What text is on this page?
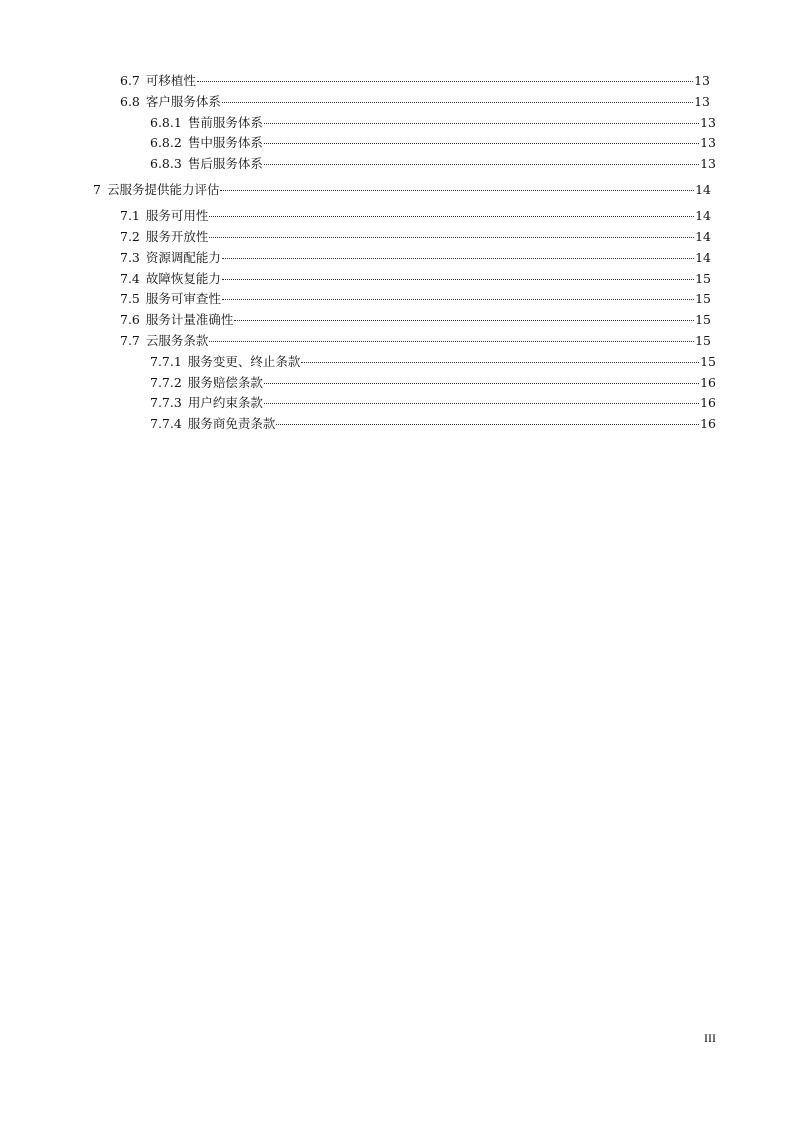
6.7 可移植性	13
6.8 客户服务体系	13
6.8.1 售前服务体系	13
6.8.2 售中服务体系	13
6.8.3 售后服务体系	13
7 云服务提供能力评估	14
7.1 服务可用性	14
7.2 服务开放性	14
7.3 资源调配能力	14
7.4 故障恢复能力	15
7.5 服务可审查性	15
7.6 服务计量准确性	15
7.7 云服务条款	15
7.7.1 服务变更、终止条款	15
7.7.2 服务赔偿条款	16
7.7.3 用户约束条款	16
7.7.4 服务商免责条款	16
III
